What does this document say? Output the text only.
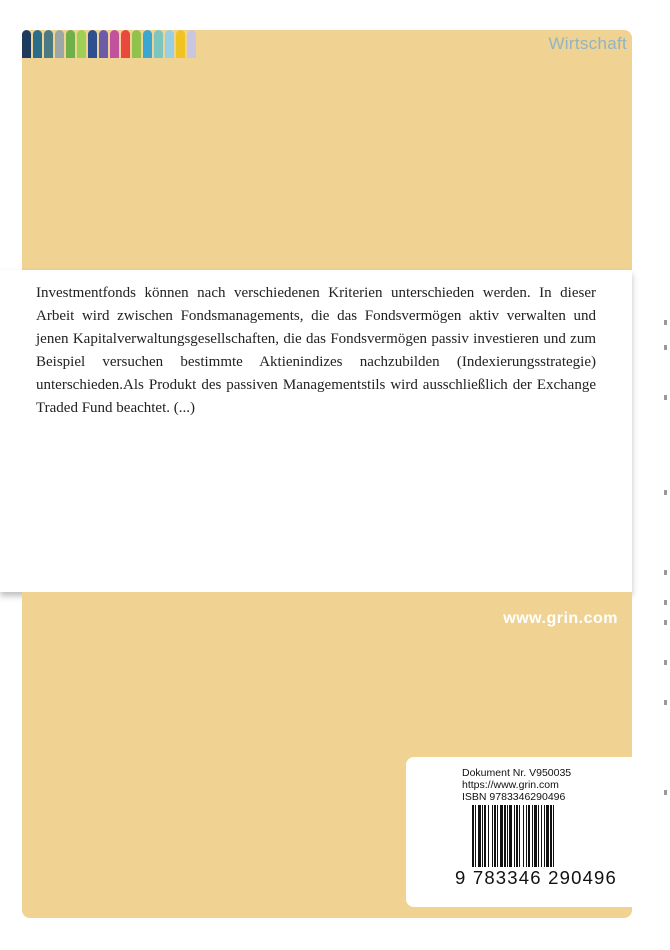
Wirtschaft

Investmentfonds können nach verschiedenen Kriterien unterschieden werden. In dieser Arbeit wird zwischen Fondsmanagements, die das Fondsvermögen aktiv verwalten und jenen Kapitalverwaltungsgesellschaften, die das Fondsvermögen passiv investieren und zum Beispiel versuchen bestimmte Aktienindizes nachzubilden (Indexierungsstrategie) unterschieden.Als Produkt des passiven Managementstils wird ausschließlich der Exchange Traded Fund beachtet. (...)

www.grin.com
Dokument Nr. V950035
https://www.grin.com
ISBN 9783346290496
9 783346 290496
